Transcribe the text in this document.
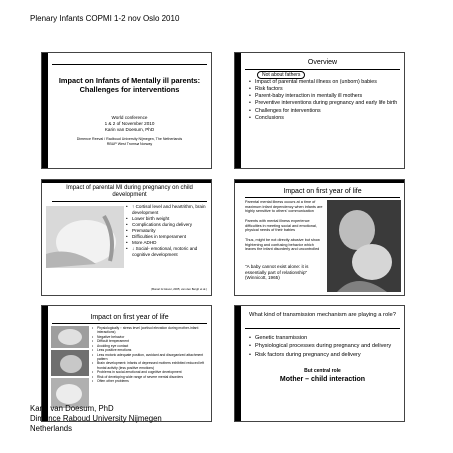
Plenary Infants COPMI 1-2 nov Oslo 2010
Impact on Infants of Mentally ill parents: Challenges for interventions
World conference
1 & 2 of November 2010
Karin van Doesum, PhD
Dimence Reeval / Radboud University Nijmegen, The Netherlands
RBUP West Tromsø Norway
Overview
Not about fathers
• Impact of parental mental illness on (unborn) babies
• Risk factors
• Parent-baby interaction in mentally ill mothers
• Preventive interventions during pregnancy and early life birth
• Challenges for interventions
• Conclusions
Impact of parental MI during pregnancy on child development
• ↑ Cortisol level and heartrithm, brain development
• Lower birth weight
• Complications during delivery
• Prematurity
• Difficulties in temperament
• More ADHD
• ↓ Social- emotional, motoric and cognitive development
(Bonari & Glover, 2005; van den Bergh et al.)
Impact on first year of life
Parental mental illness occurs at a time of maximum infant dependency when infants are highly sensitive to others' communication
Parents with mental illness experience difficulties in meeting social and emotional, physical needs of their babies
Thus, might be not directly abusive but show frightening and confusing behavior which leaves the infant disorderly and uncontrolled
"A baby cannot exist alone: it is essentially part of relationship" (Winnicott, 1965)
Impact on first year of life
• Physiologically ↑ stress level (cortisol elevation during mother-infant interactions)
• Negative behavior
• Difficult temperament
• Avoiding eye contact
• Less positive emotions
• Less motoric adequate position, avoidant and disorganized attachment pattern
• Brain development: infants of depressed mothers exhibited reduced left frontal activity (less positive emotions)
• Problems in social-emotional and cognitive development
• Risk of developing wide range of severe mental disorders
• Often other problems
What kind of transmission mechanism are playing a role?
• Genetic transmission
• Physiological processes during pregnancy and delivery
• Risk factors during pregnancy and delivery
But central role
Mother – child interaction
Karin van Doesum, PhD
Dimence Raboud University Nijmegen
Netherlands
